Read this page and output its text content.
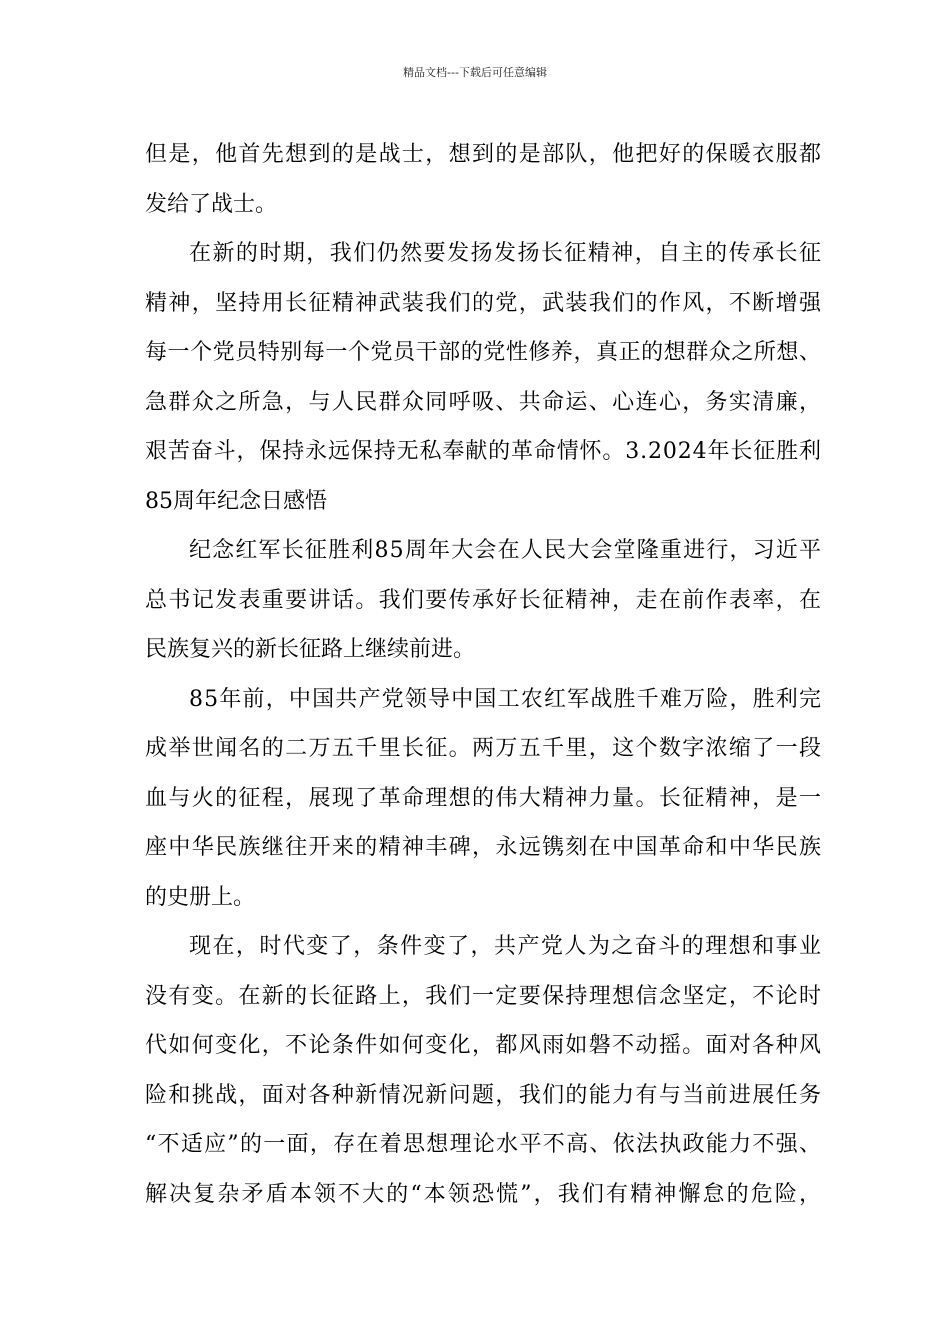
精品文档---下载后可任意编辑
但是，他首先想到的是战士，想到的是部队，他把好的保暖衣服都
发给了战士。
在新的时期，我们仍然要发扬发扬长征精神，自主的传承长征
精神，坚持用长征精神武装我们的党，武装我们的作风，不断增强
每一个党员特别每一个党员干部的党性修养，真正的想群众之所想、
急群众之所急，与人民群众同呼吸、共命运、心连心，务实清廉，
艰苦奋斗，保持永远保持无私奉献的革命情怀。3.2024年长征胜利
85周年纪念日感悟
纪念红军长征胜利85周年大会在人民大会堂隆重进行，习近平
总书记发表重要讲话。我们要传承好长征精神，走在前作表率，在
民族复兴的新长征路上继续前进。
85年前，中国共产党领导中国工农红军战胜千难万险，胜利完
成举世闻名的二万五千里长征。两万五千里，这个数字浓缩了一段
血与火的征程，展现了革命理想的伟大精神力量。长征精神，是一
座中华民族继往开来的精神丰碑，永远镌刻在中国革命和中华民族
的史册上。
现在，时代变了，条件变了，共产党人为之奋斗的理想和事业
没有变。在新的长征路上，我们一定要保持理想信念坚定，不论时
代如何变化，不论条件如何变化，都风雨如磐不动摇。面对各种风
险和挑战，面对各种新情况新问题，我们的能力有与当前进展任务
“不适应”的一面，存在着思想理论水平不高、依法执政能力不强、
解决复杂矛盾本领不大的“本领恐慌”，我们有精神懈怠的危险，
